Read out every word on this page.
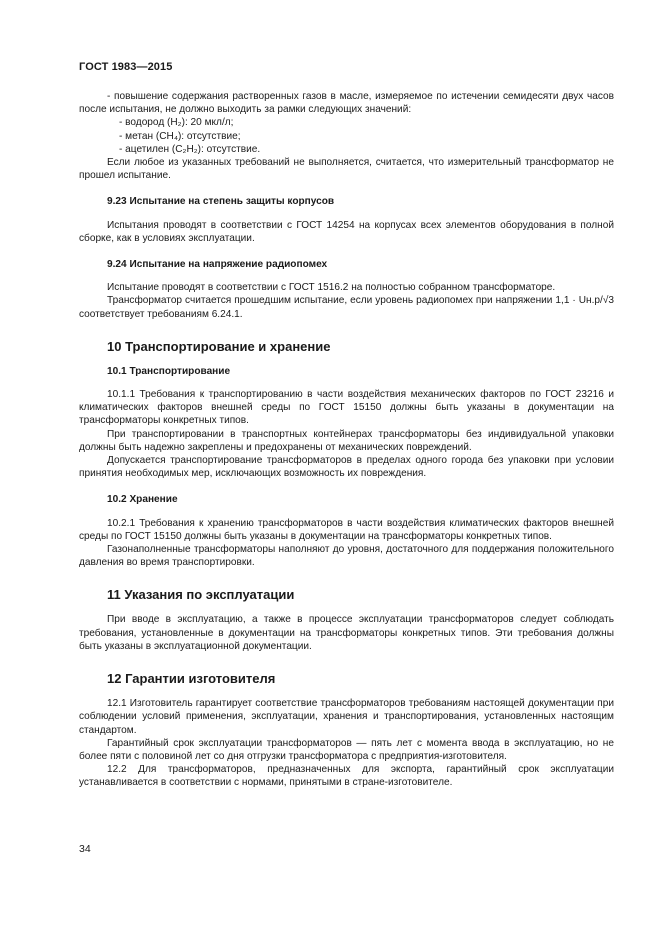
ГОСТ 1983—2015

- повышение содержания растворенных газов в масле, измеряемое по истечении семидесяти двух часов после испытания, не должно выходить за рамки следующих значений:

- водород (H₂): 20 мкл/л;

- метан (CH₄): отсутствие;

- ацетилен (C₂H₂): отсутствие.

Если любое из указанных требований не выполняется, считается, что измерительный трансформатор не прошел испытание.

9.23 Испытание на степень защиты корпусов

Испытания проводят в соответствии с ГОСТ 14254 на корпусах всех элементов оборудования в полной сборке, как в условиях эксплуатации.

9.24 Испытание на напряжение радиопомех

Испытание проводят в соответствии с ГОСТ 1516.2 на полностью собранном трансформаторе.

Трансформатор считается прошедшим испытание, если уровень радиопомех при напряжении 1,1 · Uн.р/√3 соответствует требованиям 6.24.1.

10 Транспортирование и хранение
10.1 Транспортирование

10.1.1 Требования к транспортированию в части воздействия механических факторов по ГОСТ 23216 и климатических факторов внешней среды по ГОСТ 15150 должны быть указаны в документации на трансформаторы конкретных типов.

При транспортировании в транспортных контейнерах трансформаторы без индивидуальной упаковки должны быть надежно закреплены и предохранены от механических повреждений.

Допускается транспортирование трансформаторов в пределах одного города без упаковки при условии принятия необходимых мер, исключающих возможность их повреждения.

10.2 Хранение

10.2.1 Требования к хранению трансформаторов в части воздействия климатических факторов внешней среды по ГОСТ 15150 должны быть указаны в документации на трансформаторы конкретных типов.

Газонаполненные трансформаторы наполняют до уровня, достаточного для поддержания положительного давления во время транспортировки.

11 Указания по эксплуатации

При вводе в эксплуатацию, а также в процессе эксплуатации трансформаторов следует соблюдать требования, установленные в документации на трансформаторы конкретных типов. Эти требования должны быть указаны в эксплуатационной документации.

12 Гарантии изготовителя

12.1 Изготовитель гарантирует соответствие трансформаторов требованиям настоящей документации при соблюдении условий применения, эксплуатации, хранения и транспортирования, установленных настоящим стандартом.

Гарантийный срок эксплуатации трансформаторов — пять лет с момента ввода в эксплуатацию, но не более пяти с половиной лет со дня отгрузки трансформатора с предприятия-изготовителя.

12.2 Для трансформаторов, предназначенных для экспорта, гарантийный срок эксплуатации устанавливается в соответствии с нормами, принятыми в стране-изготовителе.

34
